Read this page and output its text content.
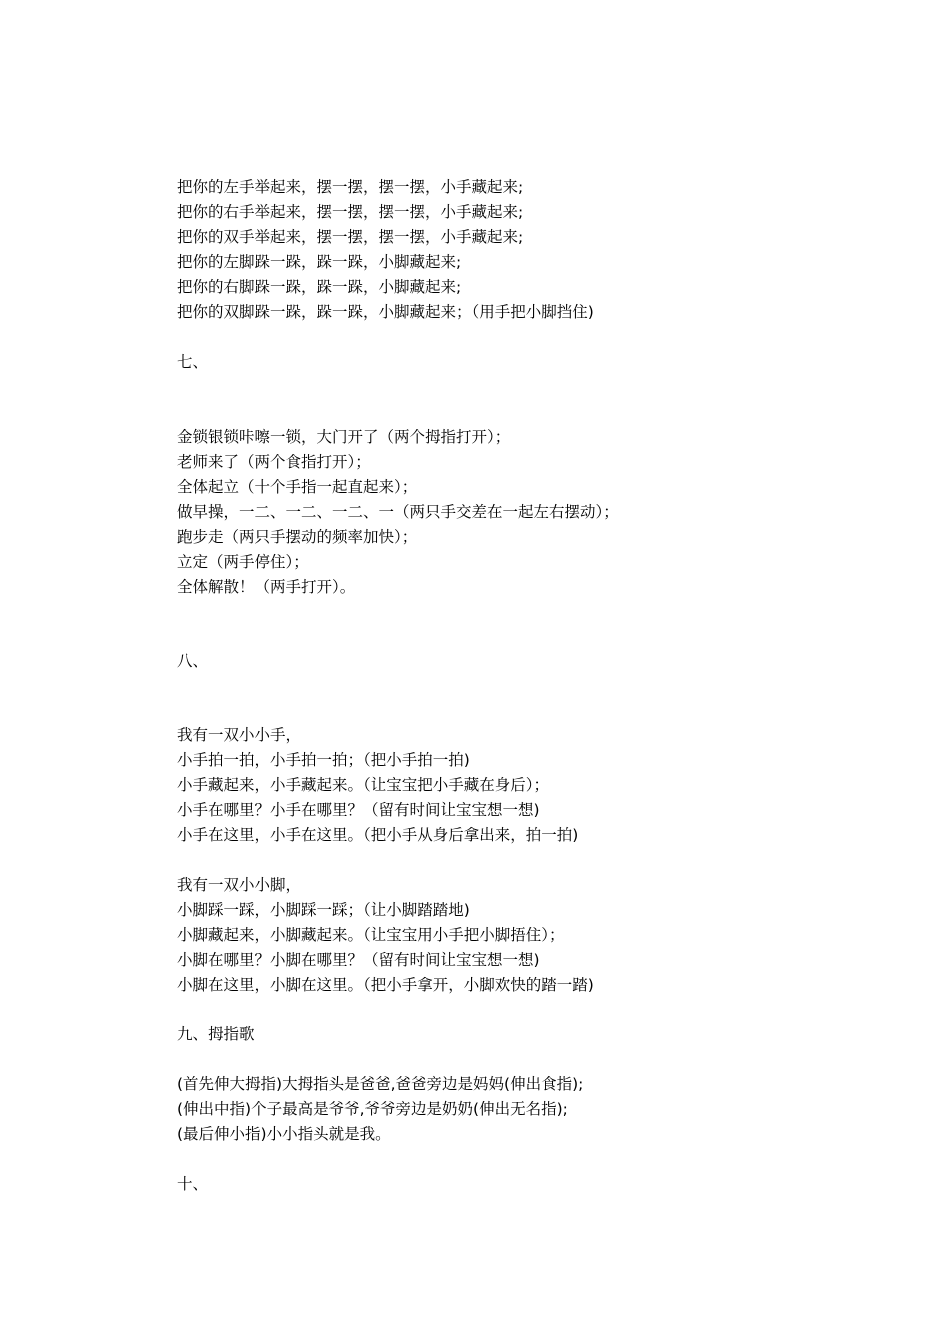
把你的左手举起来，摆一摆，摆一摆，小手藏起来;
把你的右手举起来，摆一摆，摆一摆，小手藏起来;
把你的双手举起来，摆一摆，摆一摆，小手藏起来;
把你的左脚跺一跺，跺一跺，小脚藏起来;
把你的右脚跺一跺，跺一跺，小脚藏起来;
把你的双脚跺一跺，跺一跺，小脚藏起来；（用手把小脚挡住)
七、
金锁银锁咔嚓一锁，大门开了（两个拇指打开）；
老师来了（两个食指打开）；
全体起立（十个手指一起直起来）；
做早操，一二、一二、一二、一（两只手交差在一起左右摆动）；
跑步走（两只手摆动的频率加快）；
立定（两手停住）；
全体解散！（两手打开）。
八、
我有一双小小手，
小手拍一拍，小手拍一拍；（把小手拍一拍)
小手藏起来，小手藏起来。（让宝宝把小手藏在身后）；
小手在哪里？小手在哪里？（留有时间让宝宝想一想)
小手在这里，小手在这里。（把小手从身后拿出来，拍一拍)
我有一双小小脚，
小脚踩一踩，小脚踩一踩；（让小脚踏踏地)
小脚藏起来，小脚藏起来。（让宝宝用小手把小脚捂住）；
小脚在哪里？小脚在哪里？（留有时间让宝宝想一想)
小脚在这里，小脚在这里。（把小手拿开，小脚欢快的踏一踏)
九、拇指歌
(首先伸大拇指)大拇指头是爸爸,爸爸旁边是妈妈(伸出食指);
(伸出中指)个子最高是爷爷,爷爷旁边是奶奶(伸出无名指);
(最后伸小指)小小指头就是我。
十、
